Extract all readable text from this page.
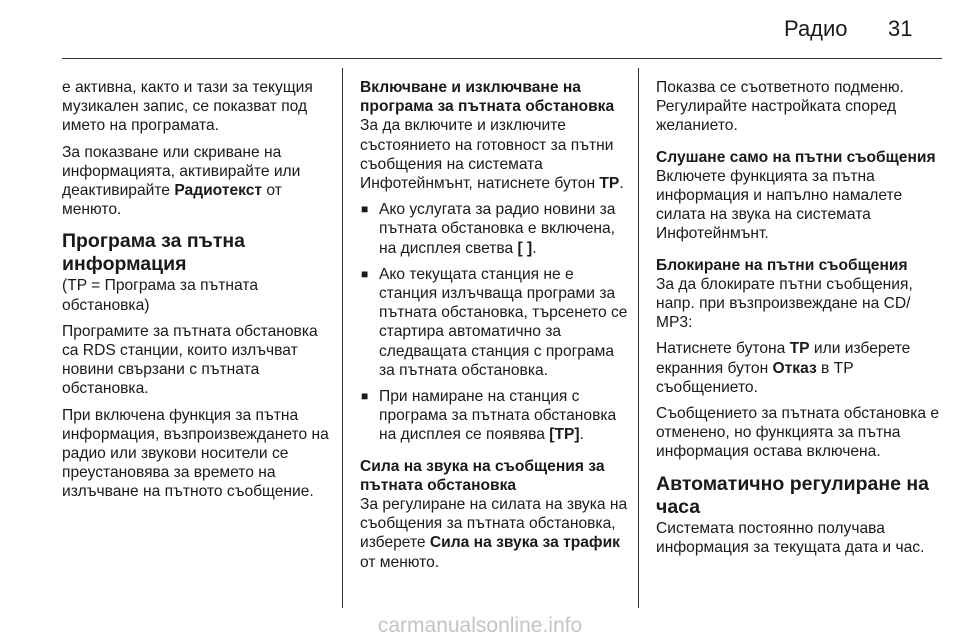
Радио 31

е активна, както и тази за текущия музикален запис, се показват под името на програмата.

За показване или скриване на информацията, активирайте или деактивирайте Радиотекст от менюто.

Програма за пътна информация

(TP = Програма за пътната обстановка)

Програмите за пътната обстановка са RDS станции, които излъчват новини свързани с пътната обстановка.

При включена функция за пътна информация, възпроизвеждането на радио или звукови носители се преустановява за времето на излъчване на пътното съобщение.

Включване и изключване на програма за пътната обстановка

За да включите и изключите състоянието на готовност за пътни съобщения на системата Инфотейнмънт, натиснете бутон TP.

■ Ако услугата за радио новини за пътната обстановка е включена, на дисплея светва [ ].
■ Ако текущата станция не е станция излъчваща програми за пътната обстановка, търсенето се стартира автоматично за следващата станция с програма за пътната обстановка.
■ При намиране на станция с програма за пътната обстановка на дисплея се появява [TP].
Сила на звука на съобщения за пътната обстановка

За регулиране на силата на звука на съобщения за пътната обстановка, изберете Сила на звука за трафик от менюто.

Показва се съответното подменю. Регулирайте настройката според желанието.

Слушане само на пътни съобщения

Включете функцията за пътна информация и напълно намалете силата на звука на системата Инфотейнмънт.

Блокиране на пътни съобщения

За да блокирате пътни съобщения, напр. при възпроизвеждане на CD/ MP3:

Натиснете бутона TP или изберете екранния бутон Отказ в TP съобщението.

Съобщението за пътната обстановка е отменено, но функцията за пътна информация остава включена.

Автоматично регулиране на часа

Системата постоянно получава информация за текущата дата и час.

carmanualsonline.info
